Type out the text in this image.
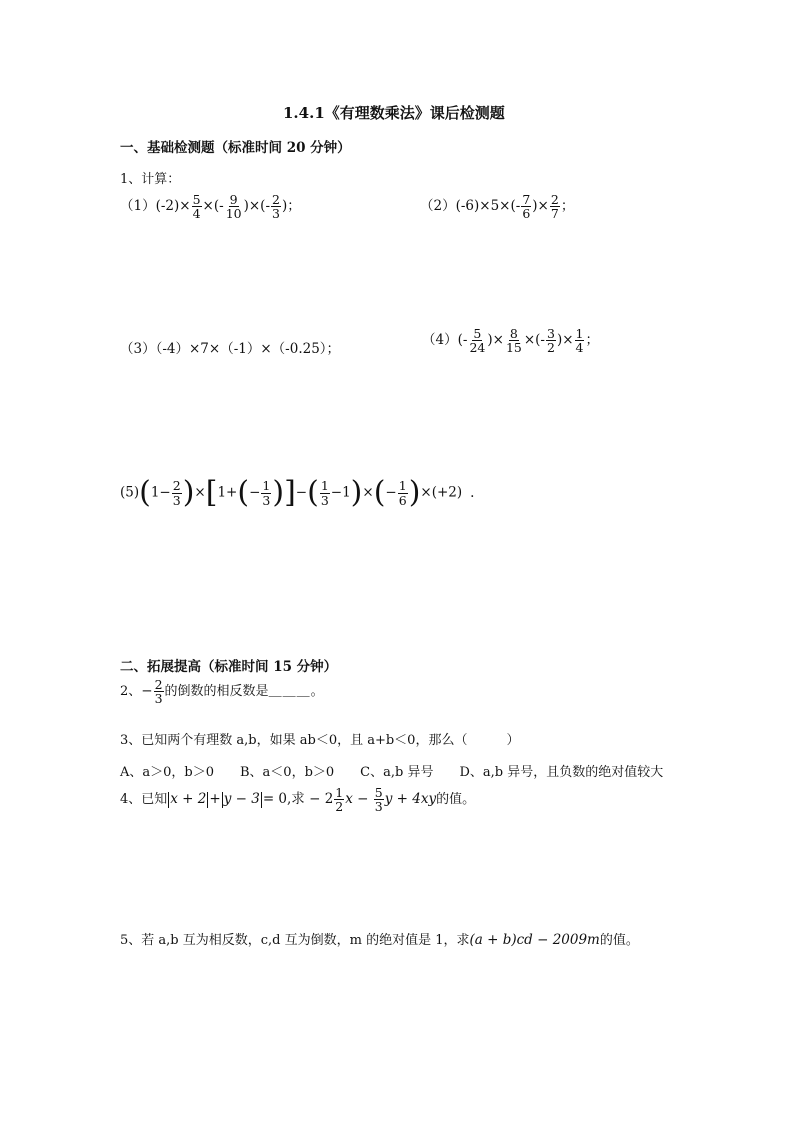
1.4.1《有理数乘法》课后检测题
一、基础检测题（标准时间 20 分钟）
1、计算：
$(1)(-2)\times \frac{5}{4}$ ×(- $\frac{9}{10}$ )×(- $\frac{2}{3}$ )；	$(2)(-6)\times 5\times(- \frac{7}{6}$ )× $\frac{2}{7}$ ；
（3）（-4）×7×（-1）×（-0.25）；
$(4)(- \frac{5}{24}$ )× $\frac{8}{15}$ ×(- $\frac{3}{2}$ )× $\frac{1}{4}$ ；
$(5)(1- \frac{2}{3} )\times[1+(- \frac{1}{3}$ )]−( $\frac{1}{3} -1)\times(- \frac{1}{6} )\times(+2)$ .
二、拓展提高（标准时间 15 分钟）
2、− $\frac{2}{3}$ 的倒数的相反数是＿＿＿。
3、已知两个有理数 a,b，如果 ab＜0，且 a+b＜0，那么（　　　）
A、a＞0，b＞0　　B、a＜0，b＞0　　C、a,b 异号　　D、a,b 异号，且负数的绝对值较大
4、已知 x + 2 + y − 3 = 0,求 − $2 \frac{1}{2}$ $x - \frac{5}{3}$ y + 4xy的值。
5、若 a,b 互为相反数，c,d 互为倒数，m 的绝对值是 1，求(a + b)cd − 2009m的值。
